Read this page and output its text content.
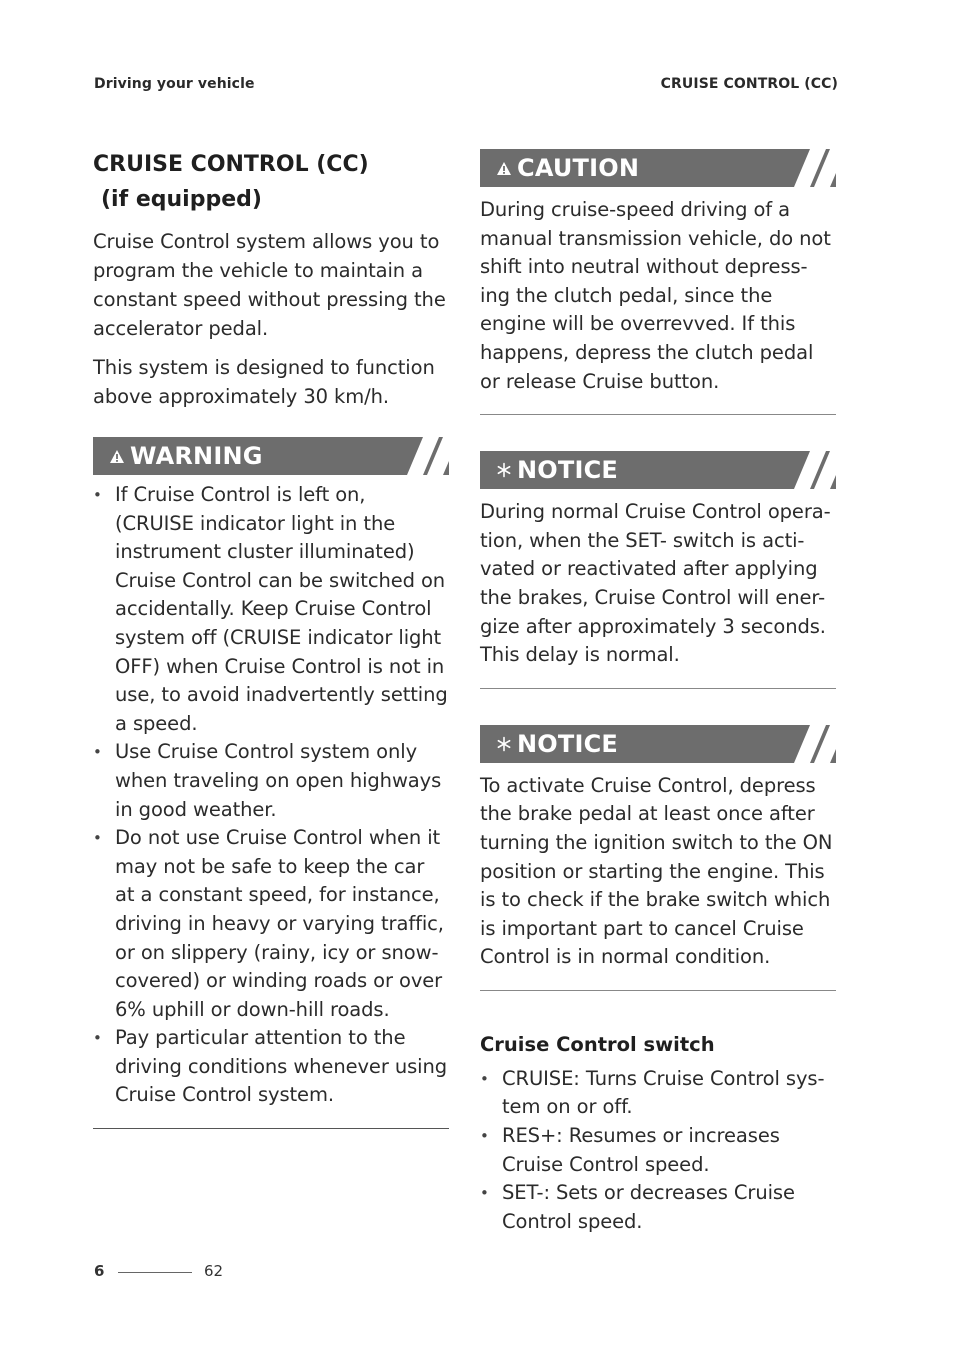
Driving your vehicle	CRUISE CONTROL (CC)
CRUISE CONTROL (CC)
(if equipped)

Cruise Control system allows you to program the vehicle to maintain a constant speed without pressing the accelerator pedal.

This system is designed to function above approximately 30 km/h.

WARNING
• If Cruise Control is left on, (CRUISE indicator light in the instrument cluster illuminated) Cruise Control can be switched on accidentally. Keep Cruise Control system off (CRUISE indicator light OFF) when Cruise Control is not in use, to avoid inadvertently setting a speed.
• Use Cruise Control system only when traveling on open highways in good weather.
• Do not use Cruise Control when it may not be safe to keep the car at a constant speed, for instance, driving in heavy or varying traffic, or on slippery (rainy, icy or snow-covered) or winding roads or over 6% uphill or down-hill roads.
• Pay particular attention to the driving conditions whenever using Cruise Control system.
CAUTION

During cruise-speed driving of a manual transmission vehicle, do not shift into neutral without depress-ing the clutch pedal, since the engine will be overrevved. If this happens, depress the clutch pedal or release Cruise button.

NOTICE

During normal Cruise Control opera-tion, when the SET- switch is acti-vated or reactivated after applying the brakes, Cruise Control will ener-gize after approximately 3 seconds. This delay is normal.

NOTICE

To activate Cruise Control, depress the brake pedal at least once after turning the ignition switch to the ON position or starting the engine. This is to check if the brake switch which is important part to cancel Cruise Control is in normal condition.

Cruise Control switch
• CRUISE: Turns Cruise Control sys-tem on or off.
• RES+: Resumes or increases Cruise Control speed.
• SET-: Sets or decreases Cruise Control speed.
6	62
